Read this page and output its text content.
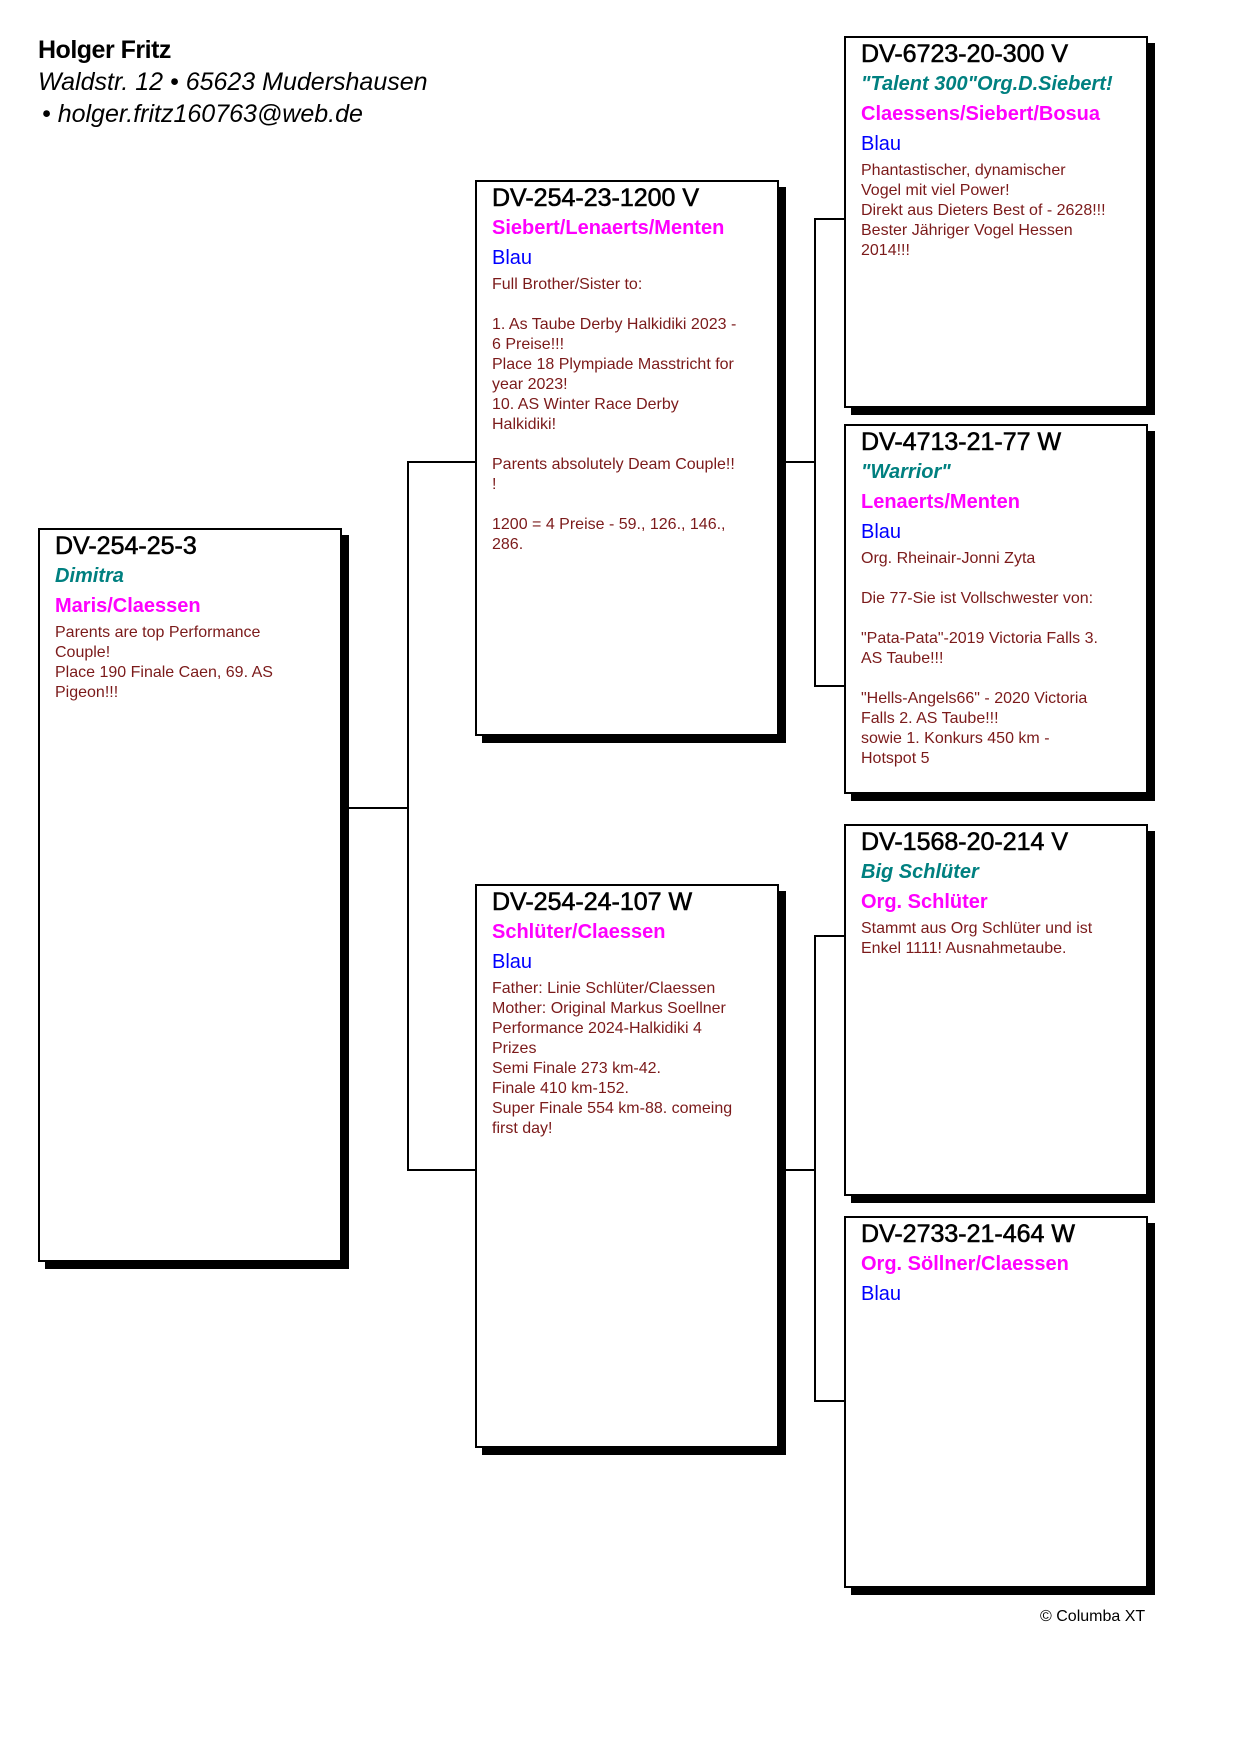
Holger Fritz
Waldstr. 12 • 65623 Mudershausen
• holger.fritz160763@web.de
DV-254-25-3
Dimitra
Maris/Claessen
Parents are top Performance
Couple!
Place 190 Finale Caen, 69. AS
Pigeon!!!
DV-254-23-1200 V
Siebert/Lenaerts/Menten
Blau
Full Brother/Sister to:

1. As Taube Derby Halkidiki 2023 -
6 Preise!!!
Place 18 Plympiade Masstricht for
year 2023!
10. AS Winter Race Derby
Halkidiki!

Parents absolutely Deam Couple!!
!

1200 = 4 Preise - 59., 126., 146.,
286.
DV-254-24-107 W
Schlüter/Claessen
Blau
Father: Linie Schlüter/Claessen
Mother: Original Markus Soellner
Performance 2024-Halkidiki 4
Prizes
Semi Finale 273 km-42.
Finale 410 km-152.
Super Finale 554 km-88. comeing
first day!
DV-6723-20-300 V
"Talent 300"Org.D.Siebert!
Claessens/Siebert/Bosua
Blau
Phantastischer, dynamischer
Vogel mit viel Power!
Direkt aus Dieters Best of - 2628!!!
Bester Jähriger Vogel Hessen
2014!!!
DV-4713-21-77 W
"Warrior"
Lenaerts/Menten
Blau
Org. Rheinair-Jonni Zyta

Die 77-Sie ist Vollschwester von:

"Pata-Pata"-2019 Victoria Falls 3.
AS Taube!!!

"Hells-Angels66" - 2020 Victoria
Falls 2. AS Taube!!!
sowie 1. Konkurs 450 km -
Hotspot 5
DV-1568-20-214 V
Big Schlüter
Org. Schlüter
Stammt aus Org Schlüter und ist
Enkel 1111! Ausnahmetaube.
DV-2733-21-464 W
Org. Söllner/Claessen
Blau
© Columba XT
